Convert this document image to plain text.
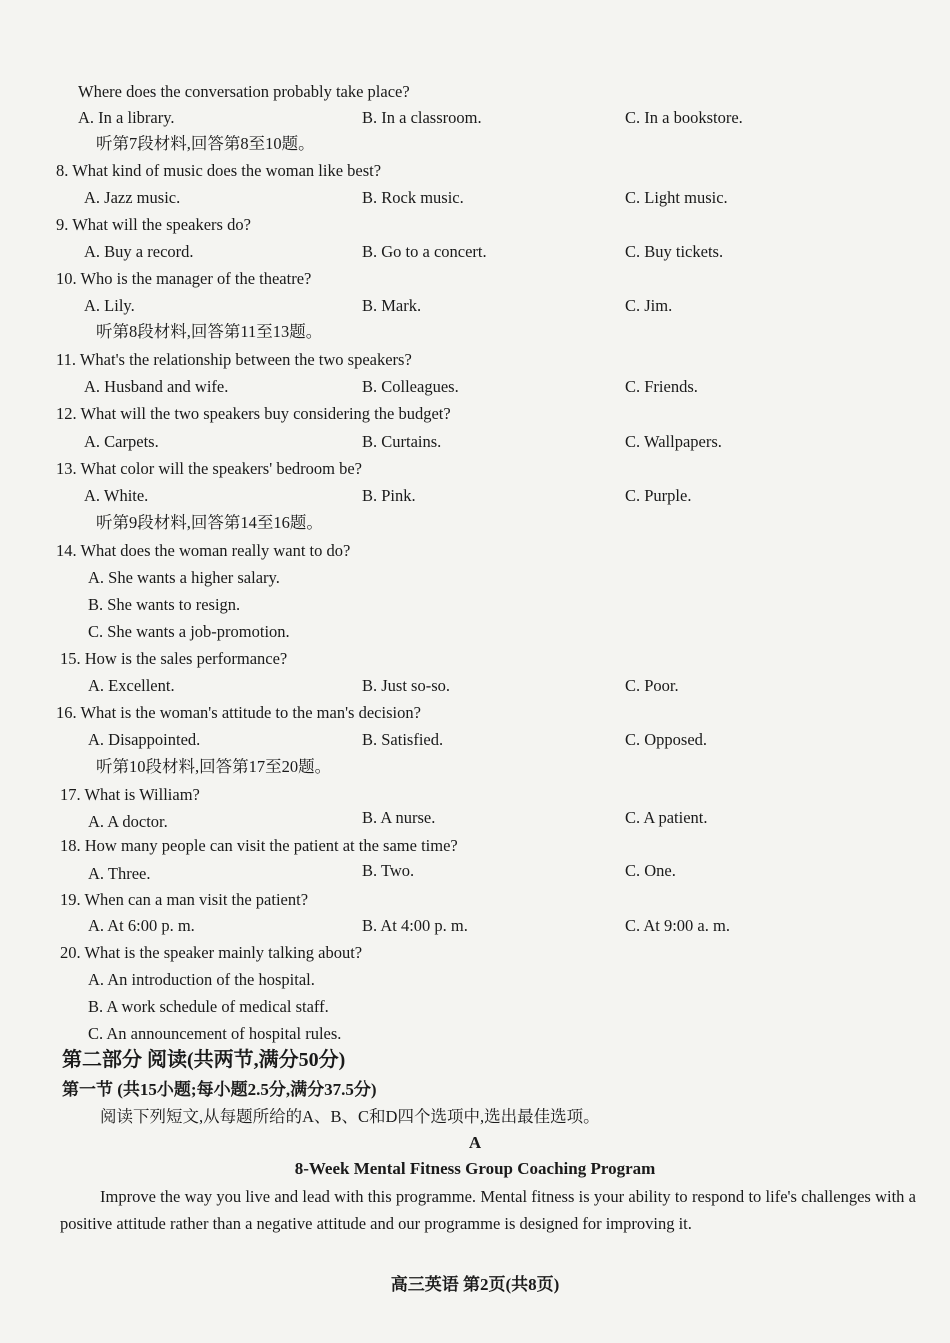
Where does the conversation probably take place?
A. In a library.	B. In a classroom.	C. In a bookstore.
听第7段材料,回答第8至10题。
8. What kind of music does the woman like best?
A. Jazz music.	B. Rock music.	C. Light music.
9. What will the speakers do?
A. Buy a record.	B. Go to a concert.	C. Buy tickets.
10. Who is the manager of the theatre?
A. Lily.	B. Mark.	C. Jim.
听第8段材料,回答第11至13题。
11. What's the relationship between the two speakers?
A. Husband and wife.	B. Colleagues.	C. Friends.
12. What will the two speakers buy considering the budget?
A. Carpets.	B. Curtains.	C. Wallpapers.
13. What color will the speakers' bedroom be?
A. White.	B. Pink.	C. Purple.
听第9段材料,回答第14至16题。
14. What does the woman really want to do?
A. She wants a higher salary.
B. She wants to resign.
C. She wants a job-promotion.
15. How is the sales performance?
A. Excellent.	B. Just so-so.	C. Poor.
16. What is the woman's attitude to the man's decision?
A. Disappointed.	B. Satisfied.	C. Opposed.
听第10段材料,回答第17至20题。
17. What is William?
A. A doctor.	B. A nurse.	C. A patient.
18. How many people can visit the patient at the same time?
A. Three.	B. Two.	C. One.
19. When can a man visit the patient?
A. At 6:00 p. m.	B. At 4:00 p. m.	C. At 9:00 a. m.
20. What is the speaker mainly talking about?
A. An introduction of the hospital.
B. A work schedule of medical staff.
C. An announcement of hospital rules.
第二部分 阅读(共两节,满分50分)
第一节 (共15小题;每小题2.5分,满分37.5分)
阅读下列短文,从每题所给的A、B、C和D四个选项中,选出最佳选项。
A
8-Week Mental Fitness Group Coaching Program
Improve the way you live and lead with this programme. Mental fitness is your ability to respond to life's challenges with a positive attitude rather than a negative attitude and our programme is designed for improving it.
高三英语 第2页(共8页)
